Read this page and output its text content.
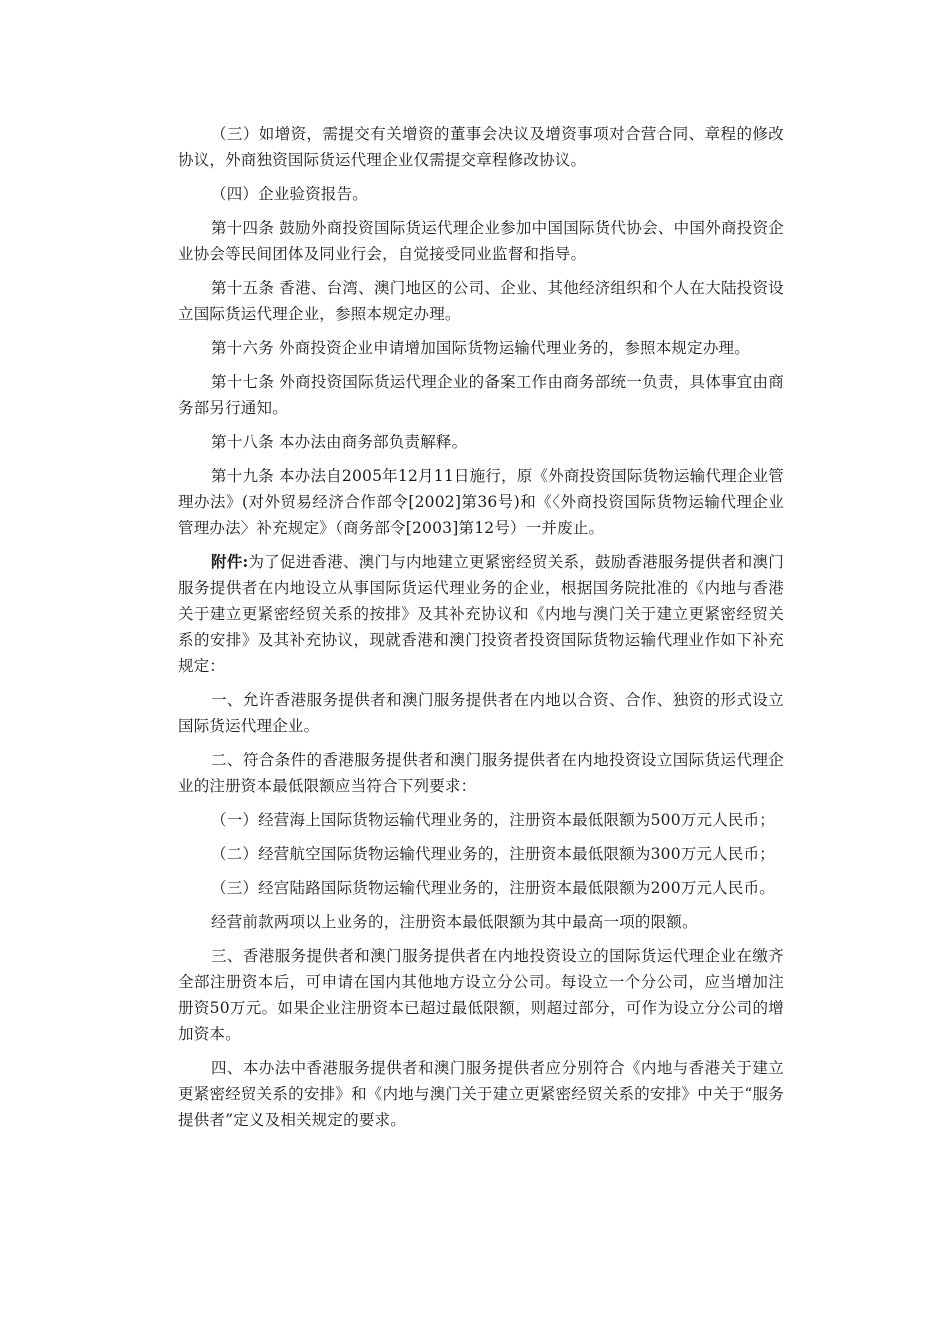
（三）如增资，需提交有关增资的董事会决议及增资事项对合营合同、章程的修改协议，外商独资国际货运代理企业仅需提交章程修改协议。

（四）企业验资报告。

第十四条 鼓励外商投资国际货运代理企业参加中国国际货代协会、中国外商投资企业协会等民间团体及同业行会，自觉接受同业监督和指导。

第十五条 香港、台湾、澳门地区的公司、企业、其他经济组织和个人在大陆投资设立国际货运代理企业，参照本规定办理。

第十六务 外商投资企业申请增加国际货物运输代理业务的，参照本规定办理。

第十七条 外商投资国际货运代理企业的备案工作由商务部统一负责，具体事宜由商务部另行通知。

第十八条 本办法由商务部负责解释。

第十九条 本办法自2005年12月11日施行，原《外商投资国际货物运输代理企业管理办法》(对外贸易经济合作部令[2002]第36号)和《〈外商投资国际货物运输代理企业管理办法〉补充规定》（商务部令[2003]第12号）一并废止。

附件:为了促进香港、澳门与内地建立更紧密经贸关系，鼓励香港服务提供者和澳门服务提供者在内地设立从事国际货运代理业务的企业，根据国务院批准的《内地与香港关于建立更紧密经贸关系的按排》及其补充协议和《内地与澳门关于建立更紧密经贸关系的安排》及其补充协议，现就香港和澳门投资者投资国际货物运输代理业作如下补充规定：

一、允许香港服务提供者和澳门服务提供者在内地以合资、合作、独资的形式设立国际货运代理企业。

二、符合条件的香港服务提供者和澳门服务提供者在内地投资设立国际货运代理企业的注册资本最低限额应当符合下列要求：

（一）经营海上国际货物运输代理业务的，注册资本最低限额为500万元人民币；

（二）经营航空国际货物运输代理业务的，注册资本最低限额为300万元人民币；

（三）经宫陆路国际货物运输代理业务的，注册资本最低限额为200万元人民币。

经营前款两项以上业务的，注册资本最低限额为其中最高一项的限额。

三、香港服务提供者和澳门服务提供者在内地投资设立的国际货运代理企业在缴齐全部注册资本后，可申请在国内其他地方设立分公司。每设立一个分公司，应当增加注册资50万元。如果企业注册资本已超过最低限额，则超过部分，可作为设立分公司的增加资本。

四、本办法中香港服务提供者和澳门服务提供者应分别符合《内地与香港关于建立更紧密经贸关系的安排》和《内地与澳门关于建立更紧密经贸关系的安排》中关于“服务提供者”定义及相关规定的要求。
